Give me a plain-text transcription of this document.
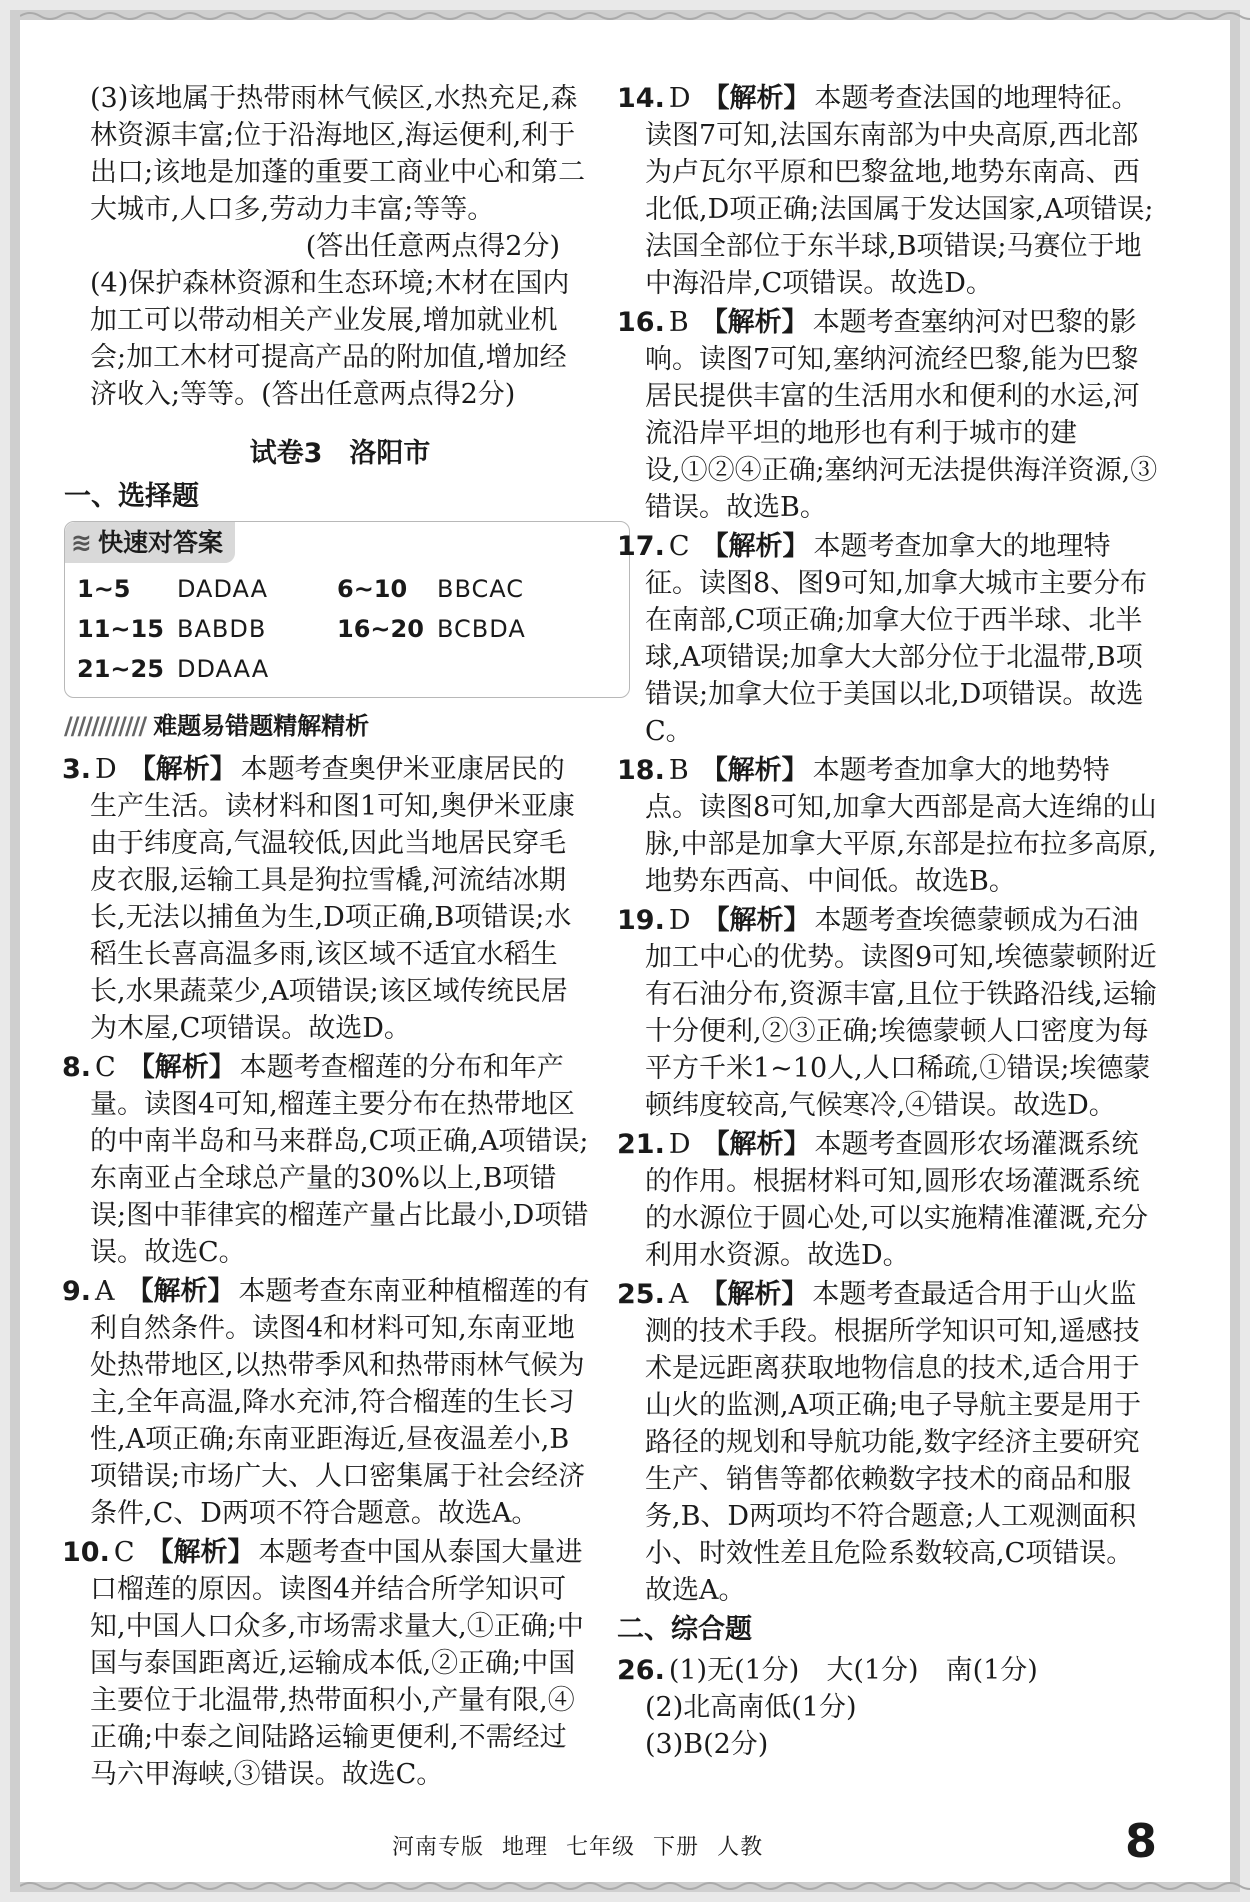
(3)该地属于热带雨林气候区,水热充足,森林资源丰富;位于沿海地区,海运便利,利于出口;该地是加蓬的重要工商业中心和第二大城市,人口多,劳动力丰富;等等。

(答出任意两点得2分)

(4)保护森林资源和生态环境;木材在国内加工可以带动相关产业发展,增加就业机会;加工木材可提高产品的附加值,增加经济收入;等等。(答出任意两点得2分)

试卷3　洛阳市
一、选择题
≋ 快速对答案
1~5	DADAA	6~10	BBCAC
11~15 BABDB	16~20 BCBDA
21~25 DDAAA
//////////// 难题易错题精解精析

3. D 【解析】 本题考查奥伊米亚康居民的生产生活。读材料和图1可知,奥伊米亚康由于纬度高,气温较低,因此当地居民穿毛皮衣服,运输工具是狗拉雪橇,河流结冰期长,无法以捕鱼为生,D项正确,B项错误;水稻生长喜高温多雨,该区域不适宜水稻生长,水果蔬菜少,A项错误;该区域传统民居为木屋,C项错误。故选D。

8. C 【解析】 本题考查榴莲的分布和年产量。读图4可知,榴莲主要分布在热带地区的中南半岛和马来群岛,C项正确,A项错误;东南亚占全球总产量的30%以上,B项错误;图中菲律宾的榴莲产量占比最小,D项错误。故选C。

9. A 【解析】 本题考查东南亚种植榴莲的有利自然条件。读图4和材料可知,东南亚地处热带地区,以热带季风和热带雨林气候为主,全年高温,降水充沛,符合榴莲的生长习性,A项正确;东南亚距海近,昼夜温差小,B项错误;市场广大、人口密集属于社会经济条件,C、D两项不符合题意。故选A。

10. C 【解析】 本题考查中国从泰国大量进口榴莲的原因。读图4并结合所学知识可知,中国人口众多,市场需求量大,①正确;中国与泰国距离近,运输成本低,②正确;中国主要位于北温带,热带面积小,产量有限,④正确;中泰之间陆路运输更便利,不需经过马六甲海峡,③错误。故选C。

14. D 【解析】 本题考查法国的地理特征。读图7可知,法国东南部为中央高原,西北部为卢瓦尔平原和巴黎盆地,地势东南高、西北低,D项正确;法国属于发达国家,A项错误;法国全部位于东半球,B项错误;马赛位于地中海沿岸,C项错误。故选D。

16. B 【解析】 本题考查塞纳河对巴黎的影响。读图7可知,塞纳河流经巴黎,能为巴黎居民提供丰富的生活用水和便利的水运,河流沿岸平坦的地形也有利于城市的建设,①②④正确;塞纳河无法提供海洋资源,③错误。故选B。

17. C 【解析】 本题考查加拿大的地理特征。读图8、图9可知,加拿大城市主要分布在南部,C项正确;加拿大位于西半球、北半球,A项错误;加拿大大部分位于北温带,B项错误;加拿大位于美国以北,D项错误。故选C。

18. B 【解析】 本题考查加拿大的地势特点。读图8可知,加拿大西部是高大连绵的山脉,中部是加拿大平原,东部是拉布拉多高原,地势东西高、中间低。故选B。

19. D 【解析】 本题考查埃德蒙顿成为石油加工中心的优势。读图9可知,埃德蒙顿附近有石油分布,资源丰富,且位于铁路沿线,运输十分便利,②③正确;埃德蒙顿人口密度为每平方千米1~10人,人口稀疏,①错误;埃德蒙顿纬度较高,气候寒冷,④错误。故选D。

21. D 【解析】 本题考查圆形农场灌溉系统的作用。根据材料可知,圆形农场灌溉系统的水源位于圆心处,可以实施精准灌溉,充分利用水资源。故选D。

25. A 【解析】 本题考查最适合用于山火监测的技术手段。根据所学知识可知,遥感技术是远距离获取地物信息的技术,适合用于山火的监测,A项正确;电子导航主要是用于路径的规划和导航功能,数字经济主要研究生产、销售等都依赖数字技术的商品和服务,B、D两项均不符合题意;人工观测面积小、时效性差且危险系数较高,C项错误。故选A。

二、综合题

26. (1)无(1分)　大(1分)　南(1分)

(2)北高南低(1分)

(3)B(2分)

河南专版 地理 七年级 下册 人教	8
